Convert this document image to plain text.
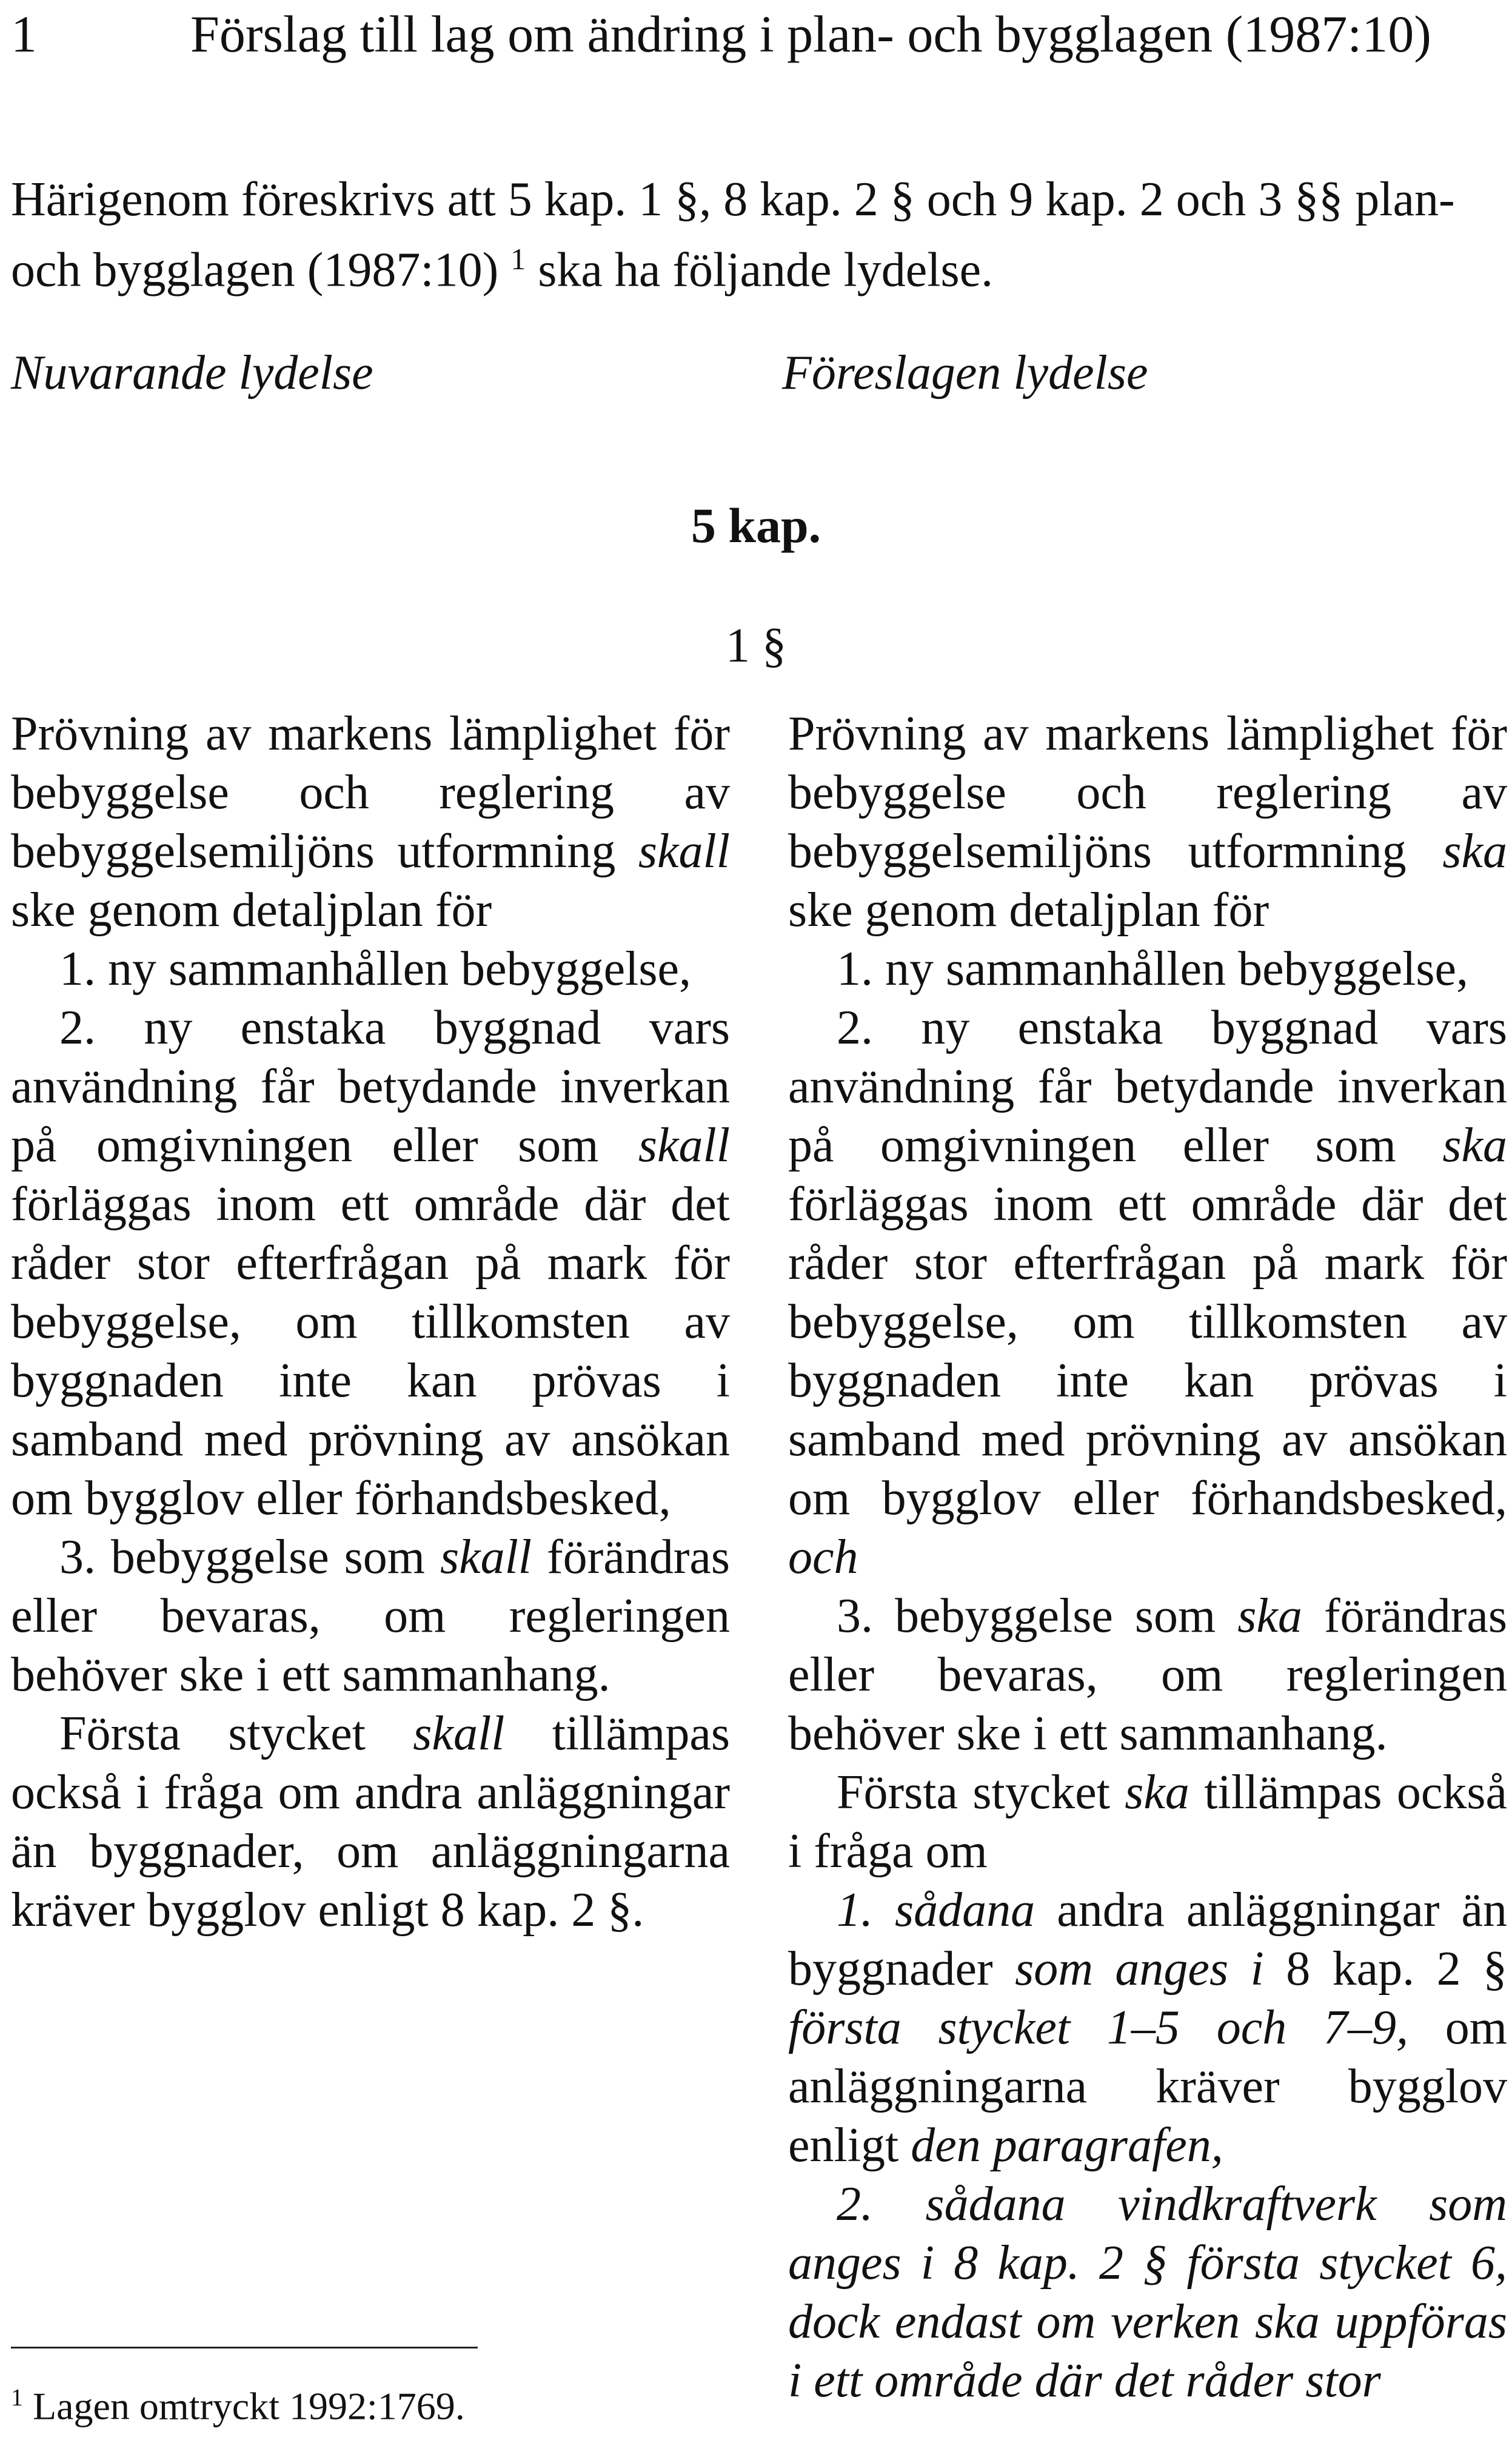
1	Förslag till lag om ändring i plan- och bygglagen (1987:10)
Härigenom föreskrivs att 5 kap. 1 §, 8 kap. 2 § och 9 kap. 2 och 3 §§ plan- och bygglagen (1987:10) $^1$ ska ha följande lydelse.
Nuvarande lydelse	Föreslagen lydelse
5 kap.
1 §

Prövning av markens lämplighet för bebyggelse och reglering av bebyggelsemiljöns utformning skall ske genom detaljplan för

1. ny sammanhållen bebyggelse,

2. ny enstaka byggnad vars användning får betydande inverkan på omgivningen eller som skall förläggas inom ett område där det råder stor efterfrågan på mark för bebyggelse, om tillkomsten av byggnaden inte kan prövas i samband med prövning av ansökan om bygglov eller förhandsbesked,

3. bebyggelse som skall förändras eller bevaras, om regleringen behöver ske i ett sammanhang.

Första stycket skall tillämpas också i fråga om andra anläggningar än byggnader, om anläggningarna kräver bygglov enligt 8 kap. 2 §.

Prövning av markens lämplighet för bebyggelse och reglering av bebyggelsemiljöns utformning ska ske genom detaljplan för

1. ny sammanhållen bebyggelse,

2. ny enstaka byggnad vars användning får betydande inverkan på omgivningen eller som ska förläggas inom ett område där det råder stor efterfrågan på mark för bebyggelse, om tillkomsten av byggnaden inte kan prövas i samband med prövning av ansökan om bygglov eller förhandsbesked, och

3. bebyggelse som ska förändras eller bevaras, om regleringen behöver ske i ett sammanhang.

Första stycket ska tillämpas också i fråga om

1. sådana andra anläggningar än byggnader som anges i 8 kap. 2 § första stycket 1–5 och 7–9, om anläggningarna kräver bygglov enligt den paragrafen,

2. sådana vindkraftverk som anges i 8 kap. 2 § första stycket 6, dock endast om verken ska uppföras i ett område där det råder stor

$^1$ Lagen omtryckt 1992:1769.
